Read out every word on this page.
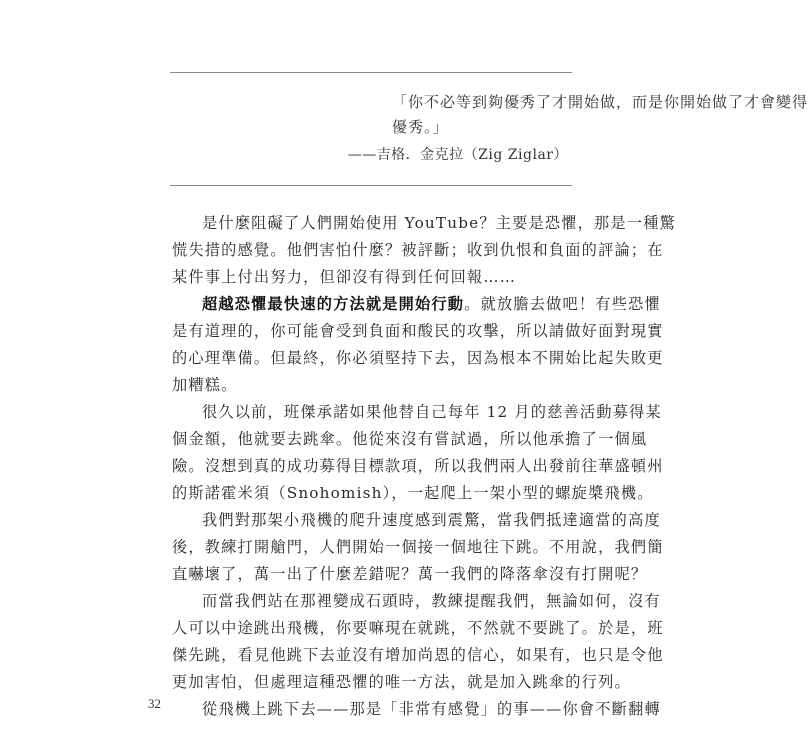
「你不必等到夠優秀了才開始做，而是你開始做了才會變得
優秀。」
——吉格．金克拉（Zig Ziglar）
是什麼阻礙了人們開始使用 YouTube？主要是恐懼，那是一種驚
慌失措的感覺。他們害怕什麼？被評斷；收到仇恨和負面的評論；在
某件事上付出努力，但卻沒有得到任何回報……
超越恐懼最快速的方法就是開始行動。就放膽去做吧！有些恐懼
是有道理的，你可能會受到負面和酸民的攻擊，所以請做好面對現實
的心理準備。但最終，你必須堅持下去，因為根本不開始比起失敗更
加糟糕。
很久以前，班傑承諾如果他替自己每年 12 月的慈善活動募得某
個金額，他就要去跳傘。他從來沒有嘗試過，所以他承擔了一個風
險。沒想到真的成功募得目標款項，所以我們兩人出發前往華盛頓州
的斯諾霍米須（Snohomish），一起爬上一架小型的螺旋槳飛機。
我們對那架小飛機的爬升速度感到震驚，當我們抵達適當的高度
後，教練打開艙門，人們開始一個接一個地往下跳。不用說，我們簡
直嚇壞了，萬一出了什麼差錯呢？萬一我們的降落傘沒有打開呢？
而當我們站在那裡變成石頭時，教練提醒我們，無論如何，沒有
人可以中途跳出飛機，你要嘛現在就跳，不然就不要跳了。於是，班
傑先跳，看見他跳下去並沒有增加尚恩的信心，如果有，也只是令他
更加害怕，但處理這種恐懼的唯一方法，就是加入跳傘的行列。
從飛機上跳下去——那是「非常有感覺」的事——你會不斷翻轉
32
